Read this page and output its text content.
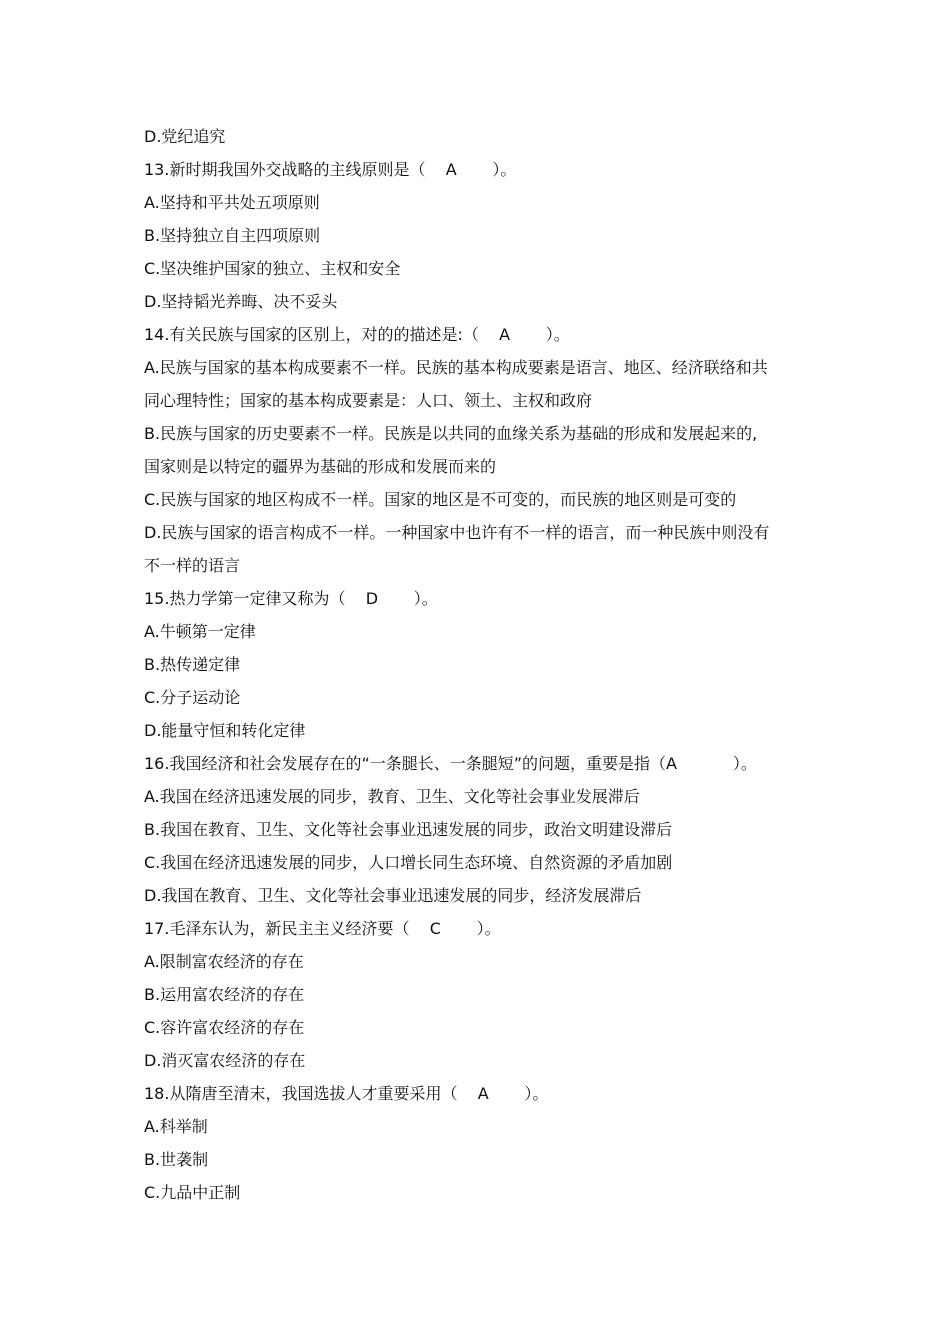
D.党纪追究
13.新时期我国外交战略的主线原则是（    A       ）。
A.坚持和平共处五项原则
B.坚持独立自主四项原则
C.坚决维护国家的独立、主权和安全
D.坚持韬光养晦、决不妥头
14.有关民族与国家的区别上，对的的描述是:（    A       ）。
A.民族与国家的基本构成要素不一样。民族的基本构成要素是语言、地区、经济联络和共
同心理特性；国家的基本构成要素是：人口、领土、主权和政府
B.民族与国家的历史要素不一样。民族是以共同的血缘关系为基础的形成和发展起来的,
国家则是以特定的疆界为基础的形成和发展而来的
C.民族与国家的地区构成不一样。国家的地区是不可变的，而民族的地区则是可变的
D.民族与国家的语言构成不一样。一种国家中也许有不一样的语言，而一种民族中则没有
不一样的语言
15.热力学第一定律又称为（    D       ）。
A.牛顿第一定律
B.热传递定律
C.分子运动论
D.能量守恒和转化定律
16.我国经济和社会发展存在的“一条腿长、一条腿短”的问题，重要是指（A           ）。
A.我国在经济迅速发展的同步，教育、卫生、文化等社会事业发展滞后
B.我国在教育、卫生、文化等社会事业迅速发展的同步，政治文明建设滞后
C.我国在经济迅速发展的同步，人口增长同生态环境、自然资源的矛盾加剧
D.我国在教育、卫生、文化等社会事业迅速发展的同步，经济发展滞后
17.毛泽东认为，新民主主义经济要（    C       ）。
A.限制富农经济的存在
B.运用富农经济的存在
C.容许富农经济的存在
D.消灭富农经济的存在
18.从隋唐至清末，我国选拔人才重要采用（    A       ）。
A.科举制
B.世袭制
C.九品中正制
